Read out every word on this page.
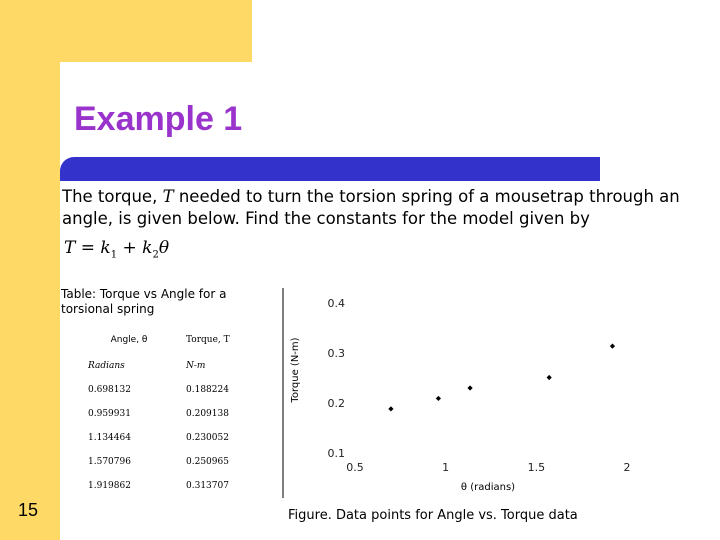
Example 1
The torque, T needed to turn the torsion spring of a mousetrap through an angle, is given below. Find the constants for the model given by
$T = k_1 + k_2\theta$
Table: Torque vs Angle for a torsional spring
Angle, θ	Torque, T
Radians	N-m
0.698132	0.188224
0.959931	0.209138
1.134464	0.230052
1.570796	0.250965
1.919862	0.313707
Torque (N-m)
θ (radians)
0.4
0.3
0.2
0.1
0.5	1	1.5	2
15	Figure. Data points for Angle vs. Torque data
